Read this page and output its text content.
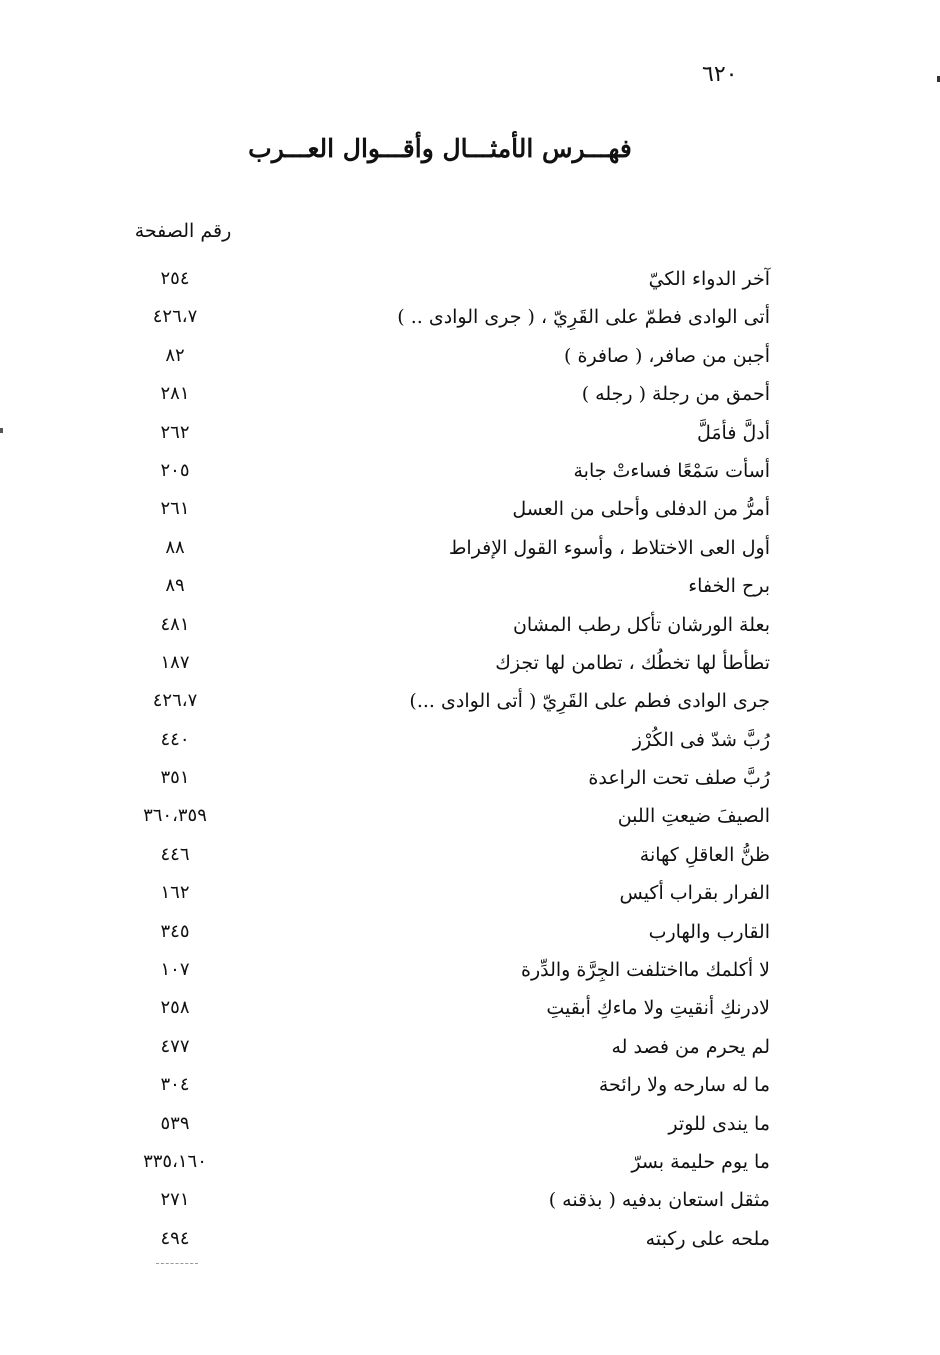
٦٢٠
فهـــرس الأمثـــال وأقـــوال العـــرب
رقم الصفحة
آخر الدواء الكيّ
٢٥٤
أتى الوادى فطمّ على القَرِيّ ، ( جرى الوادى .. )
٤٢٦،٧
أجبن من صافر، ( صافرة )
٨٢
أحمق من رجلة ( رجله )
٢٨١
أدلَّ فأمَلَّ
٢٦٢
أسأت سَمْعًا فساءتْ جابة
٢٠٥
أمرُّ من الدفلى وأحلى من العسل
٢٦١
أول العى الاختلاط ، وأسوء القول الإفراط
٨٨
برح الخفاء
٨٩
بعلة الورشان تأكل رطب المشان
٤٨١
تطأطأ لها تخطُك ، تطامن لها تجزك
١٨٧
جرى الوادى فطم على القَرِيّ ( أتى الوادى ...)
٤٢٦،٧
رُبَّ شدّ فى الكُرْز
٤٤٠
رُبَّ صلف تحت الراعدة
٣٥١
الصيفَ ضيعتِ اللبن
٣٦٠،٣٥٩
ظنُّ العاقلِ كهانة
٤٤٦
الفرار بقراب أكيس
١٦٢
القارب والهارب
٣٤٥
لا أكلمك مااختلفت الجِرَّة والدِّرة
١٠٧
لادرنكِ أنقيتِ ولا ماءكِ أبقيتِ
٢٥٨
لم يحرم من فصد له
٤٧٧
ما له سارحه ولا رائحة
٣٠٤
ما يندى للوتر
٥٣٩
ما يوم حليمة بسرّ
٣٣٥،١٦٠
مثقل استعان بدفيه ( بذقنه )
٢٧١
ملحه على ركبته
٤٩٤
